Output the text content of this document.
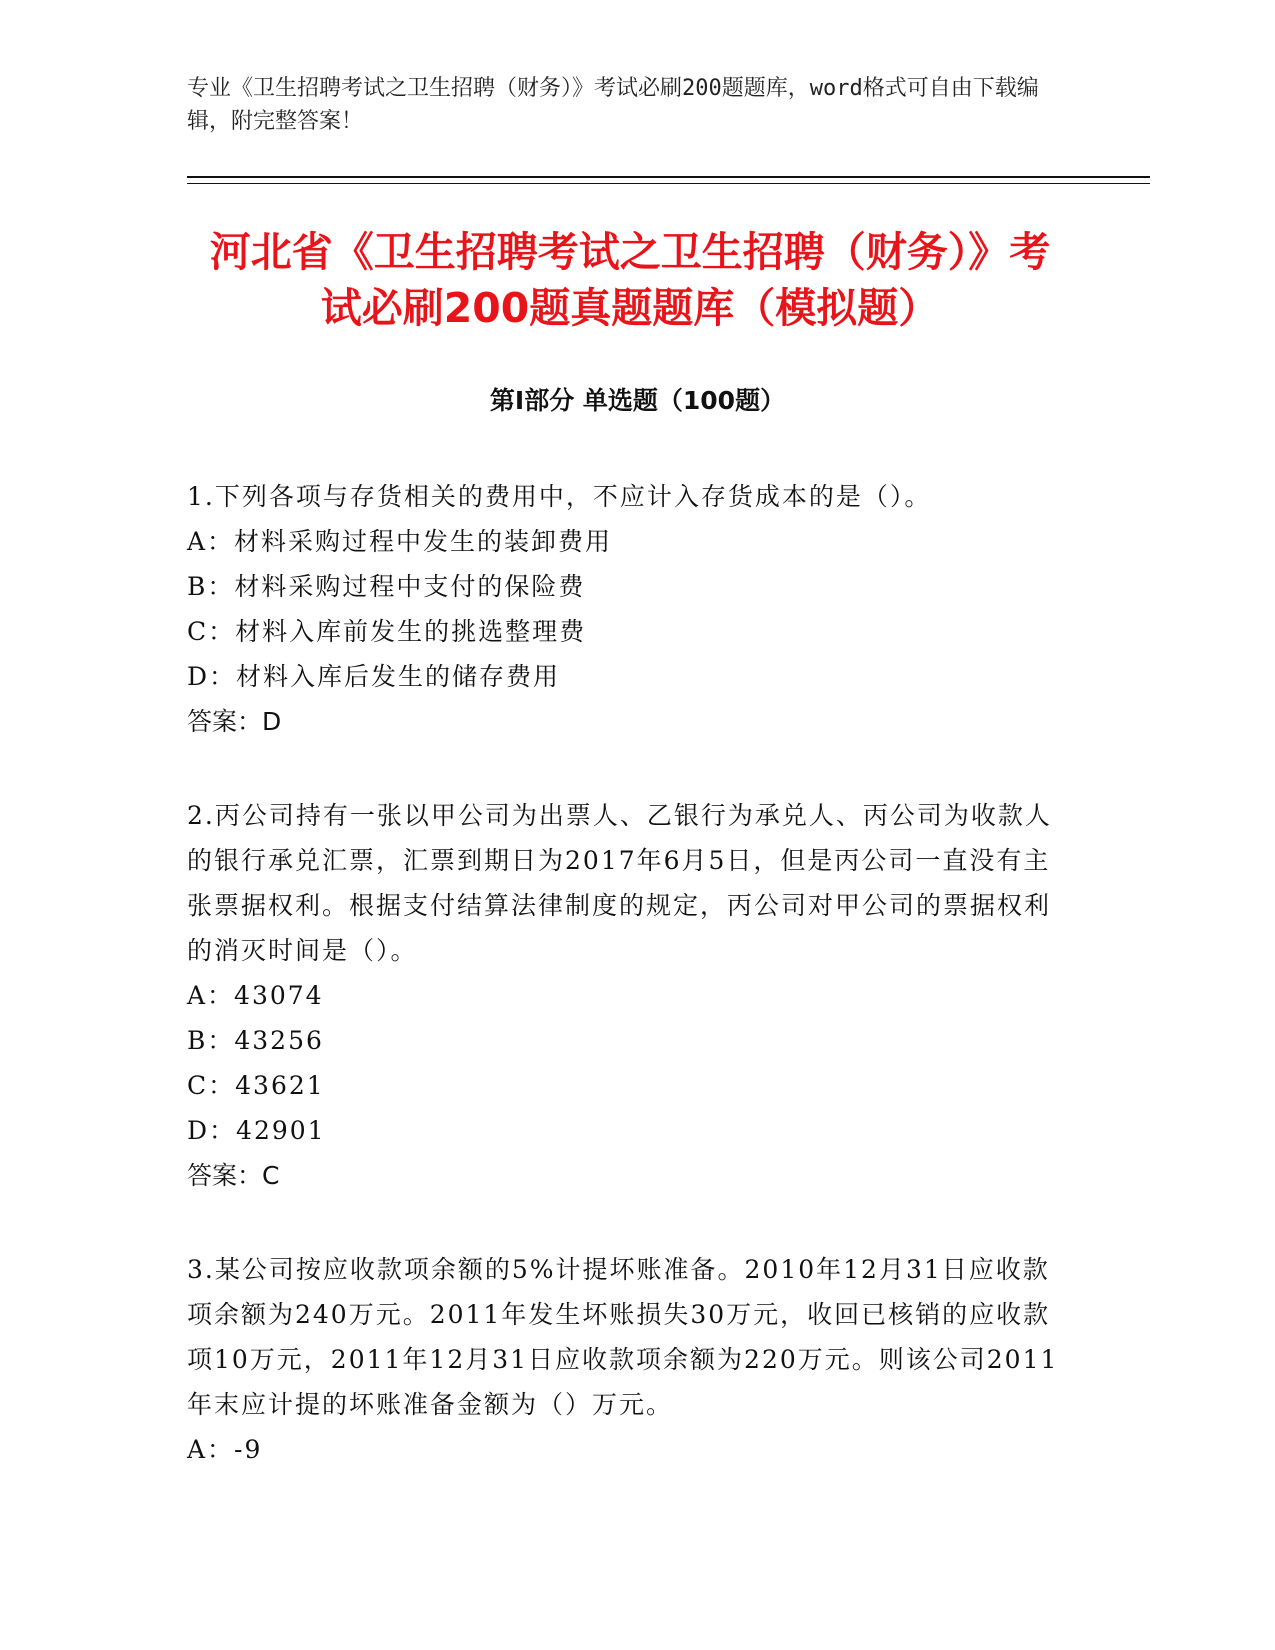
专业《卫生招聘考试之卫生招聘（财务）》考试必刷200题题库，word格式可自由下载编辑，附完整答案！
河北省《卫生招聘考试之卫生招聘（财务）》考试必刷200题真题题库（模拟题）
第I部分 单选题（100题）

1.下列各项与存货相关的费用中，不应计入存货成本的是（）。

A：材料采购过程中发生的装卸费用

B：材料采购过程中支付的保险费

C：材料入库前发生的挑选整理费

D：材料入库后发生的储存费用

答案：D

2.丙公司持有一张以甲公司为出票人、乙银行为承兑人、丙公司为收款人的银行承兑汇票，汇票到期日为2017年6月5日，但是丙公司一直没有主张票据权利。根据支付结算法律制度的规定，丙公司对甲公司的票据权利的消灭时间是（）。

A：43074

B：43256

C：43621

D：42901

答案：C

3.某公司按应收款项余额的5%计提坏账准备。2010年12月31日应收款项余额为240万元。2011年发生坏账损失30万元，收回已核销的应收款项10万元，2011年12月31日应收款项余额为220万元。则该公司2011年末应计提的坏账准备金额为（）万元。

A：-9
